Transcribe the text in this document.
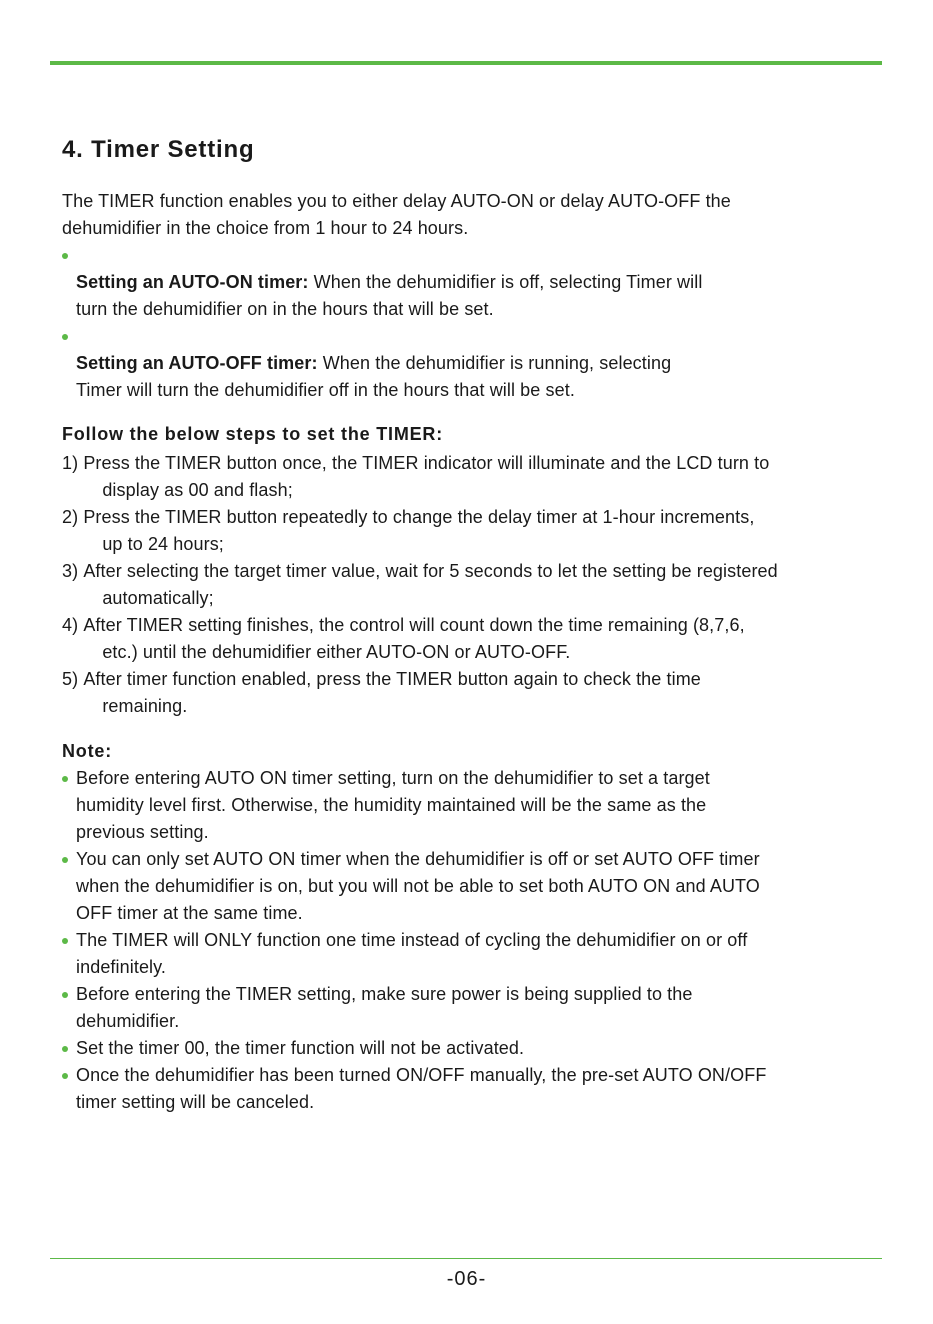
4. Timer Setting

The TIMER function enables you to either delay AUTO-ON or delay AUTO-OFF the
dehumidifier in the choice from 1 hour to 24 hours.

Setting an AUTO-ON timer: When the dehumidifier is off, selecting Timer will
turn the dehumidifier on in the hours that will be set.

Setting an AUTO-OFF timer: When the dehumidifier is running, selecting
Timer will turn the dehumidifier off in the hours that will be set.

Follow the below steps to set the TIMER:
1) Press the TIMER button once, the TIMER indicator will illuminate and the LCD turn to
display as 00 and flash;
2) Press the TIMER button repeatedly to change the delay timer at 1-hour increments,
up to 24 hours;
3) After selecting the target timer value, wait for 5 seconds to let the setting be registered
automatically;
4) After TIMER setting finishes, the control will count down the time remaining (8,7,6,
etc.) until the dehumidifier either AUTO-ON or AUTO-OFF.
5) After timer function enabled, press the TIMER button again to check the time
remaining.
Note:
Before entering AUTO ON timer setting, turn on the dehumidifier to set a target
humidity level first. Otherwise, the humidity maintained will be the same as the
previous setting.
You can only set AUTO ON timer when the dehumidifier is off or set AUTO OFF timer
when the dehumidifier is on, but you will not be able to set both AUTO ON and AUTO
OFF timer at the same time.
The TIMER will ONLY function one time instead of cycling the dehumidifier on or off
indefinitely.
Before entering the TIMER setting, make sure power is being supplied to the
dehumidifier.
Set the timer 00, the timer function will not be activated.
Once the dehumidifier has been turned ON/OFF manually, the pre-set AUTO ON/OFF
timer setting will be canceled.
-06-
